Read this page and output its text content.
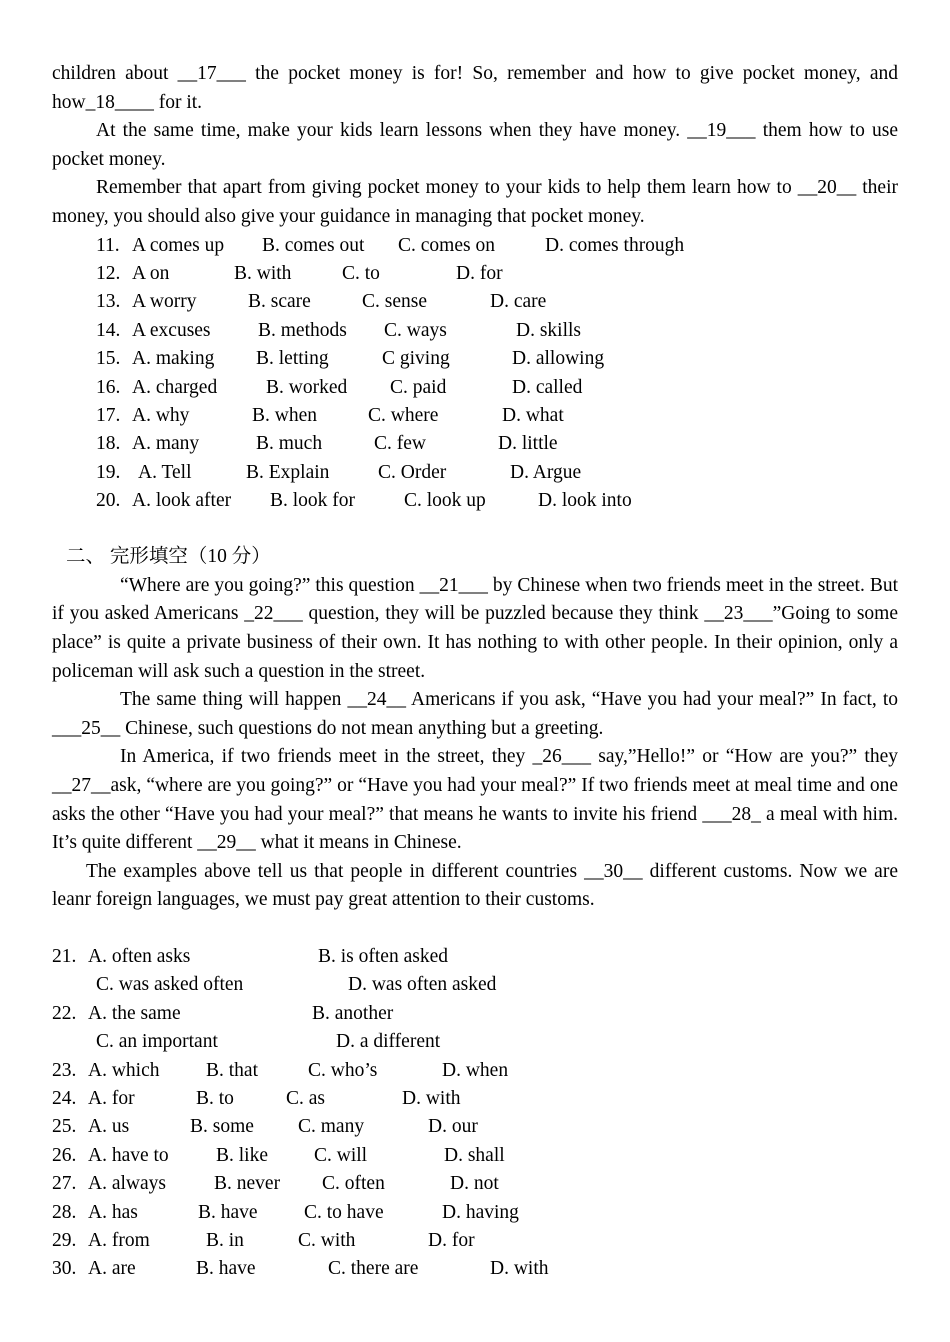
children about __17___ the pocket money is for! So, remember and how to give pocket money, and how_18____ for it.

At the same time, make your kids learn lessons when they have money. __19___ them how to use pocket money.

Remember that apart from giving pocket money to your kids to help them learn how to __20__ their money, you should also give your guidance in managing that pocket money.

11. A comes up B. comes out C. comes on	D. comes through
12. A on	B. with	C. to	D. for
13. A worry	B. scare	C. sense	D. care
14. A excuses B. methods C. ways	D. skills
15. A. making B. letting	C giving	D. allowing
16. A. charged	B. worked C. paid	D. called
17. A. why	B. when	C. where	D. what
18. A. many	B. much	C. few	D. little
19. A. Tell	B. Explain C. Order	D. Argue
20. A. look after B. look for	C. look up	D. look into
二、 完形填空（10 分）

“Where are you going?” this question __21___ by Chinese when two friends meet in the street. But if you asked Americans _22___ question, they will be puzzled because they think __23___”Going to some place” is quite a private business of their own. It has nothing to with other people. In their opinion, only a policeman will ask such a question in the street.

The same thing will happen __24__ Americans if you ask, “Have you had your meal?” In fact, to ___25__ Chinese, such questions do not mean anything but a greeting.

In America, if two friends meet in the street, they _26___ say,”Hello!” or “How are you?” they __27__ask, “where are you going?” or “Have you had your meal?” If two friends meet at meal time and one asks the other “Have you had your meal?” that means he wants to invite his friend ___28_ a meal with him. It’s quite different __29__ what it means in Chinese.

The examples above tell us that people in different countries __30__ different customs. Now we are leanr foreign languages, we must pay great attention to their customs.

21. A. often asks	B. is often asked
C. was asked often	D. was often asked
22. A. the same	B. another
C. an important	D. a different
23. A. which B. that	C. who’s	D. when
24. A. for	B. to	C. as	D. with
25. A. us	B. some C. many	D. our
26. A. have to B. like C. will	D. shall
27. A. always B. never C. often	D. not
28. A. has	B. have C. to have	D. having
29. A. from	B. in	C. with	D. for
30. A. are	B. have	C. there are	D. with
